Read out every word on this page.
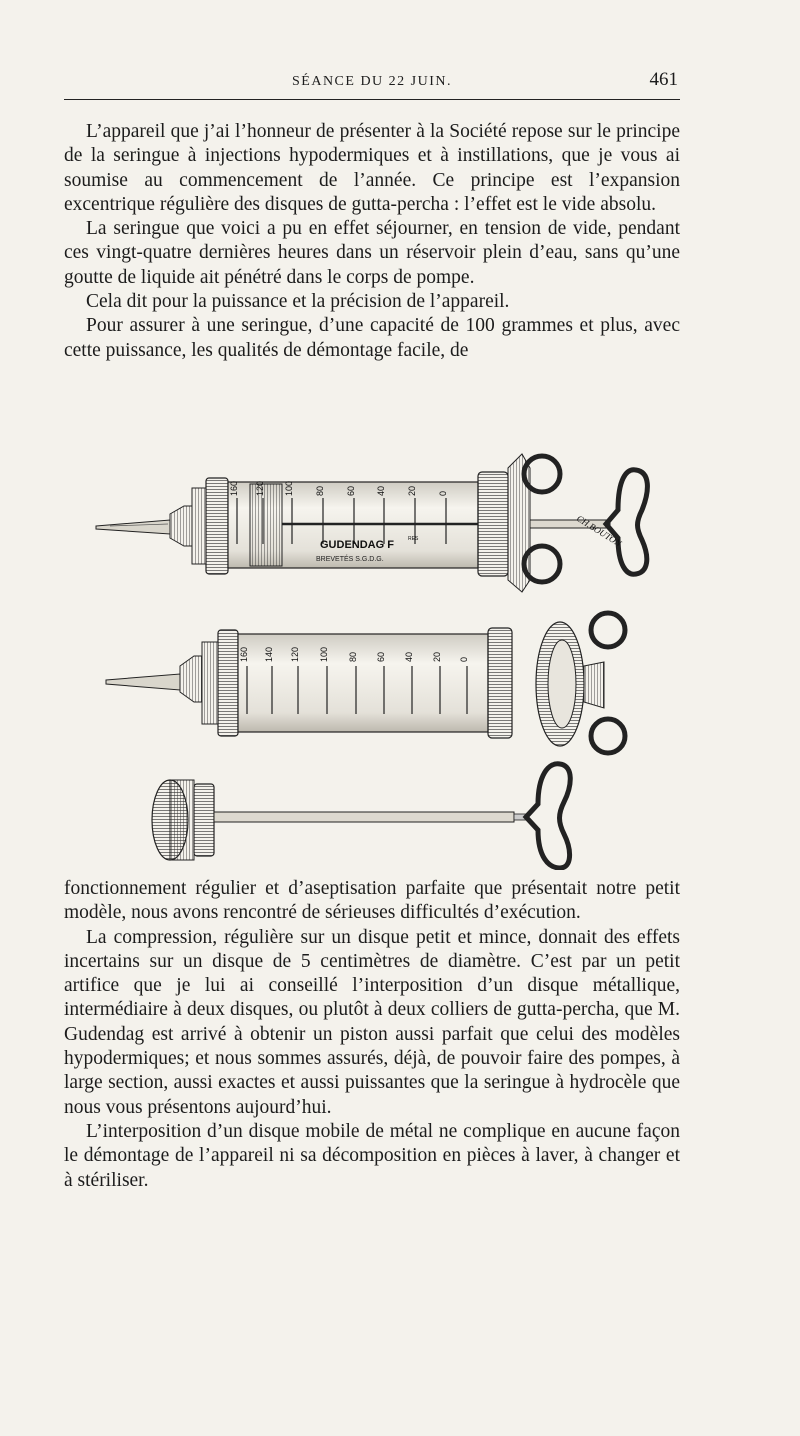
SÉANCE DU 22 JUIN.	461

L’appareil que j’ai l’honneur de présenter à la Société repose sur le principe de la seringue à injections hypodermiques et à instillations, que je vous ai soumise au commencement de l’année. Ce principe est l’expansion excentrique régulière des disques de gutta-percha : l’effet est le vide absolu.

La seringue que voici a pu en effet séjourner, en tension de vide, pendant ces vingt-quatre dernières heures dans un réservoir plein d’eau, sans qu’une goutte de liquide ait pénétré dans le corps de pompe.

Cela dit pour la puissance et la précision de l’appareil.

Pour assurer à une seringue, d’une capacité de 100 grammes et plus, avec cette puissance, les qualités de démontage facile, de

160 120 100 80 60 40 20 0
GUDENDAG F	RES
BREVETÉS S.G.D.G.
CH.BOUTON
160 140 120 100 80 60 40 20 0

fonctionnement régulier et d’aseptisation parfaite que présentait notre petit modèle, nous avons rencontré de sérieuses difficultés d’exécution.

La compression, régulière sur un disque petit et mince, donnait des effets incertains sur un disque de 5 centimètres de diamètre. C’est par un petit artifice que je lui ai conseillé l’interposition d’un disque métallique, intermédiaire à deux disques, ou plutôt à deux colliers de gutta-percha, que M. Gudendag est arrivé à obtenir un piston aussi parfait que celui des modèles hypodermiques; et nous sommes assurés, déjà, de pouvoir faire des pompes, à large section, aussi exactes et aussi puissantes que la seringue à hydrocèle que nous vous présentons aujourd’hui.

L’interposition d’un disque mobile de métal ne complique en aucune façon le démontage de l’appareil ni sa décomposition en pièces à laver, à changer et à stériliser.
